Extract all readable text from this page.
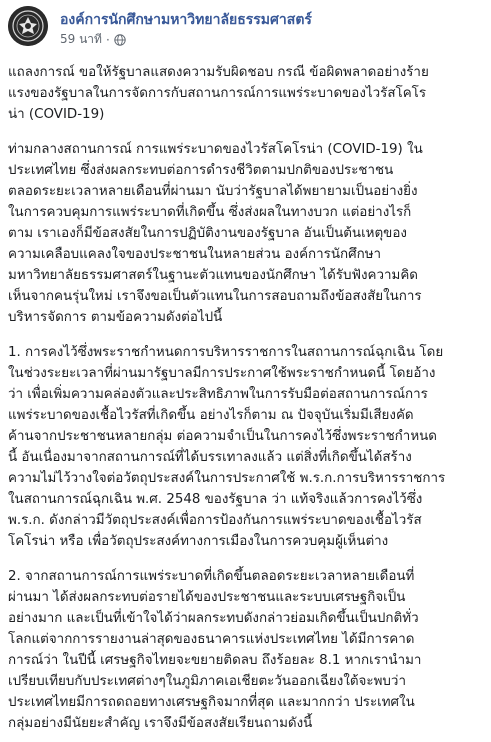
องค์การนักศึกษามหาวิทยาลัยธรรมศาสตร์
59 นาที ·
แถลงการณ์ ขอให้รัฐบาลแสดงความรับผิดชอบ กรณี ข้อผิดพลาดอย่างร้าย
แรงของรัฐบาลในการจัดการกับสถานการณ์การแพร่ระบาดของไวรัสโคโร
น่า (COVID-19)
ท่ามกลางสถานการณ์ การแพร่ระบาดของไวรัสโคโรน่า (COVID-19) ใน
ประเทศไทย ซึ่งส่งผลกระทบต่อการดำรงชีวิตตามปกติของประชาชน
ตลอดระยะเวลาหลายเดือนที่ผ่านมา นับว่ารัฐบาลได้พยายามเป็นอย่างยิ่ง
ในการควบคุมการแพร่ระบาดที่เกิดขึ้น ซึ่งส่งผลในทางบวก แต่อย่างไรก็
ตาม เราเองก็มีข้อสงสัยในการปฏิบัติงานของรัฐบาล อันเป็นต้นเหตุของ
ความเคลือบแคลงใจของประชาชนในหลายส่วน องค์การนักศึกษา
มหาวิทยาลัยธรรมศาสตร์ในฐานะตัวแทนของนักศึกษา ได้รับฟังความคิด
เห็นจากคนรุ่นใหม่ เราจึงขอเป็นตัวแทนในการสอบถามถึงข้อสงสัยในการ
บริหารจัดการ ตามข้อความดังต่อไปนี้
1. การคงไว้ซึ่งพระราชกำหนดการบริหารราชการในสถานการณ์ฉุกเฉิน โดย
ในช่วงระยะเวลาที่ผ่านมารัฐบาลมีการประกาศใช้พระราชกำหนดนี้ โดยอ้าง
ว่า เพื่อเพิ่มความคล่องตัวและประสิทธิภาพในการรับมือต่อสถานการณ์การ
แพร่ระบาดของเชื้อไวรัสที่เกิดขึ้น อย่างไรก็ตาม ณ ปัจจุบันเริ่มมีเสียงคัด
ค้านจากประชาชนหลายกลุ่ม ต่อความจำเป็นในการคงไว้ซึ่งพระราชกำหนด
นี้ อันเนื่องมาจากสถานการณ์ที่ได้บรรเทาลงแล้ว แต่สิ่งที่เกิดขึ้นได้สร้าง
ความไม่ไว้วางใจต่อวัตถุประสงค์ในการประกาศใช้ พ.ร.ก.การบริหารราชการ
ในสถานการณ์ฉุกเฉิน พ.ศ. 2548 ของรัฐบาล ว่า แท้จริงแล้วการคงไว้ซึ่ง
พ.ร.ก. ดังกล่าวมีวัตถุประสงค์เพื่อการป้องกันการแพร่ระบาดของเชื้อไวรัส
โคโรน่า หรือ เพื่อวัตถุประสงค์ทางการเมืองในการควบคุมผู้เห็นต่าง
2. จากสถานการณ์การแพร่ระบาดที่เกิดขึ้นตลอดระยะเวลาหลายเดือนที่
ผ่านมา ได้ส่งผลกระทบต่อรายได้ของประชาชนและระบบเศรษฐกิจเป็น
อย่างมาก และเป็นที่เข้าใจได้ว่าผลกระทบดังกล่าวย่อมเกิดขึ้นเป็นปกติทั่ว
โลกแต่จากการรายงานล่าสุดของธนาคารแห่งประเทศไทย ได้มีการคาด
การณ์ว่า ในปีนี้ เศรษฐกิจไทยจะขยายติดลบ ถึงร้อยละ 8.1 หากเรานำมา
เปรียบเทียบกับประเทศต่างๆในภูมิภาคเอเชียตะวันออกเฉียงใต้จะพบว่า
ประเทศไทยมีการถดถอยทางเศรษฐกิจมากที่สุด และมากกว่า ประเทศใน
กลุ่มอย่างมีนัยยะสำคัญ เราจึงมีข้อสงสัยเรียนถามดังนี้
